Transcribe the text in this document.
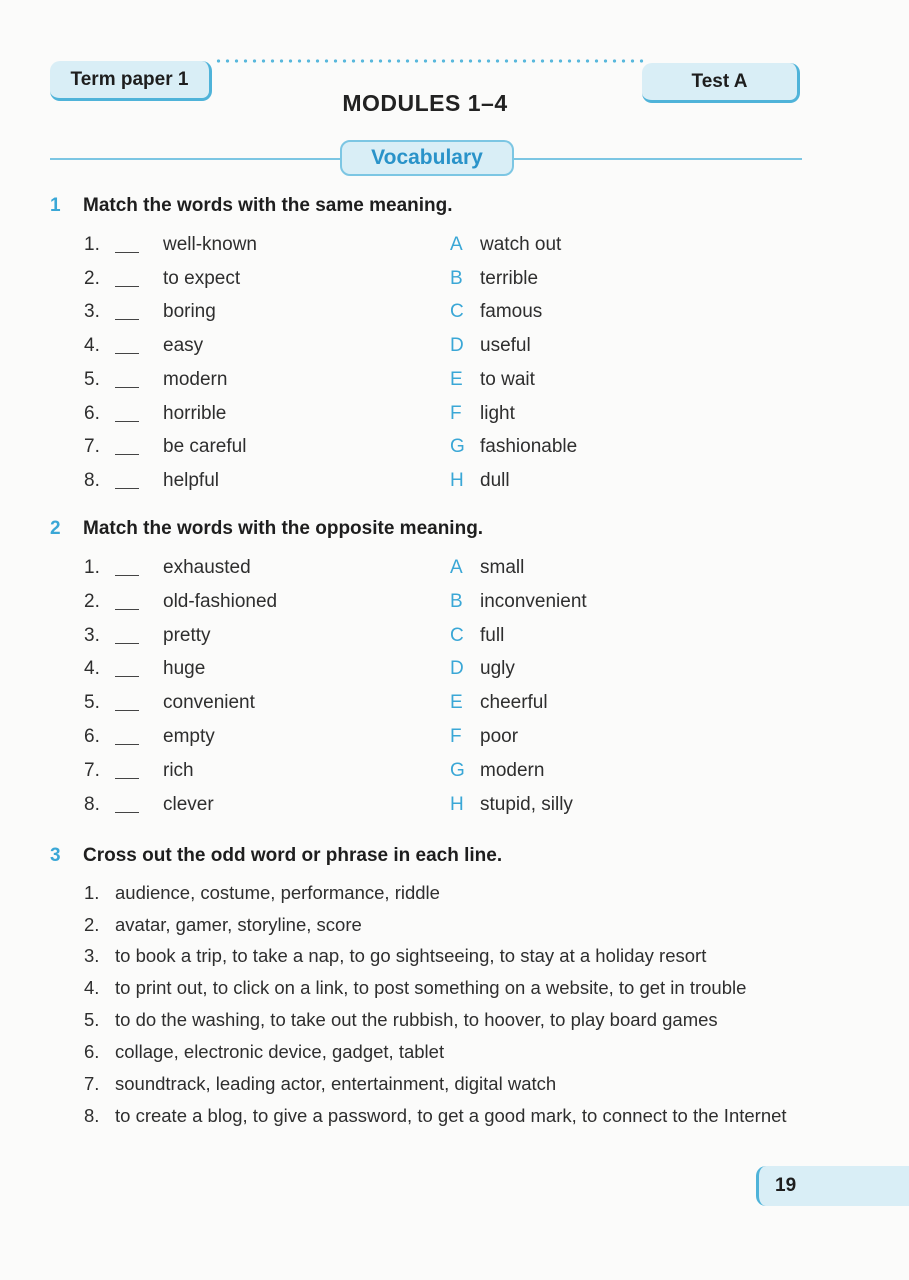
Term paper 1	Test A
MODULES 1–4
Vocabulary
1 Match the words with the same meaning.
1.	well-known	A watch out
2.	to expect	B terrible
3.	boring	C famous
4.	easy	D useful
5.	modern	E to wait
6.	horrible	F light
7.	be careful	G fashionable
8.	helpful	H dull
2 Match the words with the opposite meaning.
1.	exhausted	A small
2.	old-fashioned	B inconvenient
3.	pretty	C full
4.	huge	D ugly
5.	convenient	E cheerful
6.	empty	F poor
7.	rich	G modern
8.	clever	H stupid, silly
3 Cross out the odd word or phrase in each line.
1. audience, costume, performance, riddle
2. avatar, gamer, storyline, score
3. to book a trip, to take a nap, to go sightseeing, to stay at a holiday resort
4. to print out, to click on a link, to post something on a website, to get in trouble
5. to do the washing, to take out the rubbish, to hoover, to play board games
6. collage, electronic device, gadget, tablet
7. soundtrack, leading actor, entertainment, digital watch
8. to create a blog, to give a password, to get a good mark, to connect to the Internet
19
